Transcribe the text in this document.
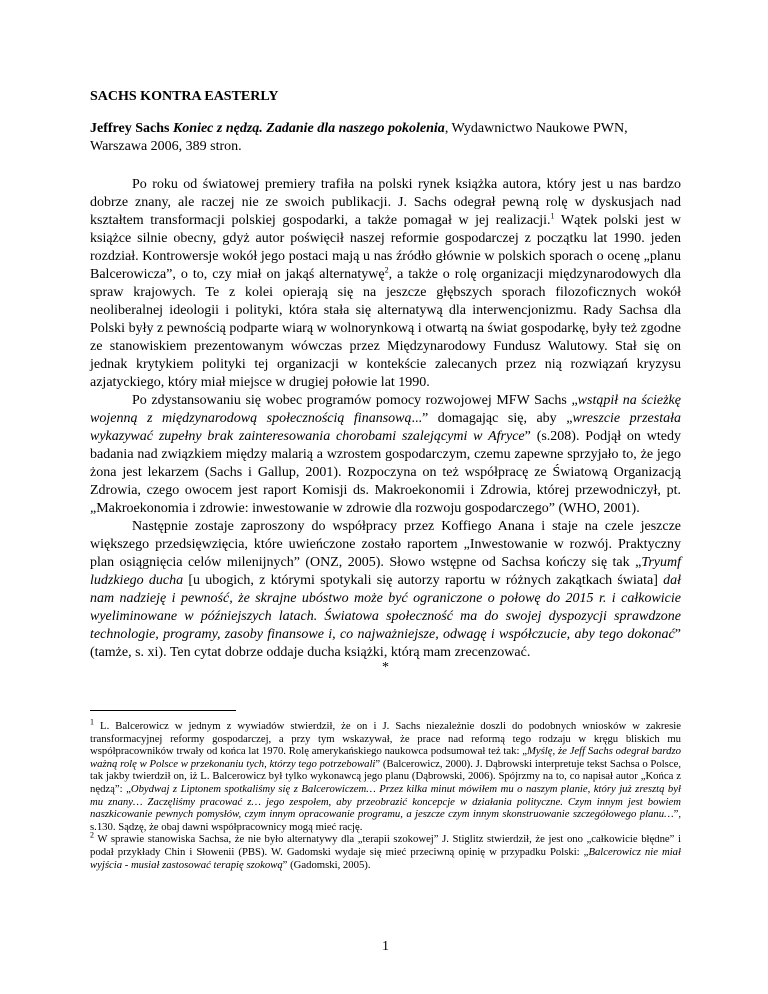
SACHS KONTRA EASTERLY
Jeffrey Sachs Koniec z nędzą. Zadanie dla naszego pokolenia, Wydawnictwo Naukowe PWN, Warszawa 2006, 389 stron.

Po roku od światowej premiery trafiła na polski rynek książka autora, który jest u nas bardzo dobrze znany, ale raczej nie ze swoich publikacji. J. Sachs odegrał pewną rolę w dyskusjach nad kształtem transformacji polskiej gospodarki, a także pomagał w jej realizacji.$^1$ Wątek polski jest w książce silnie obecny, gdyż autor poświęcił naszej reformie gospodarczej z początku lat 1990. jeden rozdział. Kontrowersje wokół jego postaci mają u nas źródło głównie w polskich sporach o ocenę „planu Balcerowicza”, o to, czy miał on jakąś alternatywę$^2$, a także o rolę organizacji międzynarodowych dla spraw krajowych. Te z kolei opierają się na jeszcze głębszych sporach filozoficznych wokół neoliberalnej ideologii i polityki, która stała się alternatywą dla interwencjonizmu. Rady Sachsa dla Polski były z pewnością podparte wiarą w wolnorynkową i otwartą na świat gospodarkę, były też zgodne ze stanowiskiem prezentowanym wówczas przez Międzynarodowy Fundusz Walutowy. Stał się on jednak krytykiem polityki tej organizacji w kontekście zalecanych przez nią rozwiązań kryzysu azjatyckiego, który miał miejsce w drugiej połowie lat 1990.

Po zdystansowaniu się wobec programów pomocy rozwojowej MFW Sachs „wstąpił na ścieżkę wojenną z międzynarodową społecznością finansową...” domagając się, aby „wreszcie przestała wykazywać zupełny brak zainteresowania chorobami szalejącymi w Afryce” (s.208). Podjął on wtedy badania nad związkiem między malarią a wzrostem gospodarczym, czemu zapewne sprzyjało to, że jego żona jest lekarzem (Sachs i Gallup, 2001). Rozpoczyna on też współpracę ze Światową Organizacją Zdrowia, czego owocem jest raport Komisji ds. Makroekonomii i Zdrowia, której przewodniczył, pt. „Makroekonomia i zdrowie: inwestowanie w zdrowie dla rozwoju gospodarczego” (WHO, 2001).

Następnie zostaje zaproszony do współpracy przez Koffiego Anana i staje na czele jeszcze większego przedsięwzięcia, które uwieńczone zostało raportem „Inwestowanie w rozwój. Praktyczny plan osiągnięcia celów milenijnych” (ONZ, 2005). Słowo wstępne od Sachsa kończy się tak „Tryumf ludzkiego ducha [u ubogich, z którymi spotykali się autorzy raportu w różnych zakątkach świata] dał nam nadzieję i pewność, że skrajne ubóstwo może być ograniczone o połowę do 2015 r. i całkowicie wyeliminowane w późniejszych latach. Światowa społeczność ma do swojej dyspozycji sprawdzone technologie, programy, zasoby finansowe i, co najważniejsze, odwagę i współczucie, aby tego dokonać” (tamże, s. xi). Ten cytat dobrze oddaje ducha książki, którą mam zrecenzować.

*

$^1$ L. Balcerowicz w jednym z wywiadów stwierdził, że on i J. Sachs niezależnie doszli do podobnych wniosków w zakresie transformacyjnej reformy gospodarczej, a przy tym wskazywał, że prace nad reformą tego rodzaju w kręgu bliskich mu współpracowników trwały od końca lat 1970. Rolę amerykańskiego naukowca podsumował też tak: „Myślę, że Jeff Sachs odegrał bardzo ważną rolę w Polsce w przekonaniu tych, którzy tego potrzebowali” (Balcerowicz, 2000). J. Dąbrowski interpretuje tekst Sachsa o Polsce, tak jakby twierdził on, iż L. Balcerowicz był tylko wykonawcą jego planu (Dąbrowski, 2006). Spójrzmy na to, co napisał autor „Końca z nędzą”: „Obydwaj z Liptonem spotkaliśmy się z Balcerowiczem… Przez kilka minut mówiłem mu o naszym planie, który już zresztą był mu znany… Zaczęliśmy pracować z… jego zespołem, aby przeobrazić koncepcje w działania polityczne. Czym innym jest bowiem naszkicowanie pewnych pomysłów, czym innym opracowanie programu, a jeszcze czym innym skonstruowanie szczegółowego planu…”, s.130. Sądzę, że obaj dawni współpracownicy mogą mieć rację.

$^2$ W sprawie stanowiska Sachsa, że nie było alternatywy dla „terapii szokowej” J. Stiglitz stwierdził, że jest ono „całkowicie błędne” i podał przykłady Chin i Słowenii (PBS). W. Gadomski wydaje się mieć przeciwną opinię w przypadku Polski: „Balcerowicz nie miał wyjścia - musiał zastosować terapię szokową” (Gadomski, 2005).

1
